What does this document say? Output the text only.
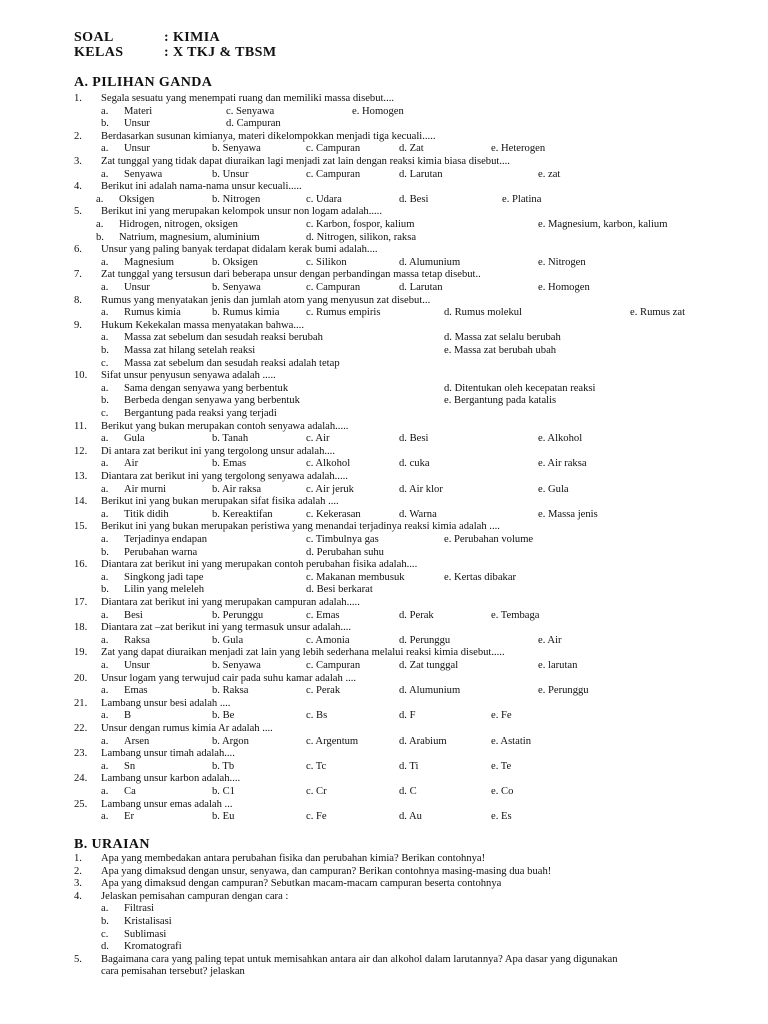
SOAL	: KIMIA
KELAS	: X TKJ & TBSM
A. PILIHAN GANDA
1. Segala sesuatu yang menempati ruang dan memiliki massa disebut....
a. Materi	c. Senyawa	e. Homogen
b. Unsur	d. Campuran
2. Berdasarkan susunan kimianya, materi dikelompokkan menjadi tiga kecuali.....
a. Unsur	b. Senyawa	c. Campuran	d. Zat	e. Heterogen
3. Zat tunggal yang tidak dapat diuraikan lagi menjadi zat lain dengan reaksi kimia biasa disebut....
a. Senyawa	b. Unsur	c. Campuran	d. Larutan	e. zat
4. Berikut ini adalah nama-nama unsur kecuali.....
a. Oksigen	b. Nitrogen	c. Udara	d. Besi	e. Platina
5. Berikut ini yang merupakan kelompok unsur non logam adalah.....
a. Hidrogen, nitrogen, oksigen	c. Karbon, fospor, kalium	e. Magnesium, karbon, kalium
b. Natrium, magnesium, aluminium	d. Nitrogen, silikon, raksa
6. Unsur yang paling banyak terdapat didalam kerak bumi adalah....
a. Magnesium	b. Oksigen	c. Silikon	d. Alumunium	e. Nitrogen
7. Zat tunggal yang tersusun dari beberapa unsur dengan perbandingan massa tetap disebut..
a. Unsur	b. Senyawa	c. Campuran	d. Larutan	e. Homogen
8. Rumus yang menyatakan jenis dan jumlah atom yang menyusun zat disebut...
a. Rumus kimia	b. Rumus kimia	c. Rumus empiris	d. Rumus molekul	e. Rumus zat
9. Hukum Kekekalan massa menyatakan bahwa....
a. Massa zat sebelum dan sesudah reaksi berubah	d. Massa zat selalu berubah
b. Massa zat hilang setelah reaksi	e. Massa zat berubah ubah
c. Massa zat sebelum dan sesudah reaksi adalah tetap
10. Sifat unsur penyusun senyawa adalah .....
a. Sama dengan senyawa yang berbentuk	d. Ditentukan oleh kecepatan reaksi
b. Berbeda dengan senyawa yang berbentuk	e. Bergantung pada katalis
c. Bergantung pada reaksi yang terjadi
11. Berikut yang bukan merupakan contoh senyawa adalah.....
a. Gula	b. Tanah	c. Air	d. Besi	e. Alkohol
12. Di antara zat berikut ini yang tergolong unsur adalah....
a. Air	b. Emas	c. Alkohol	d. cuka	e. Air raksa
13. Diantara zat berikut ini yang tergolong senyawa adalah.....
a. Air murni	b. Air raksa	c. Air jeruk	d. Air klor	e. Gula
14. Berikut ini yang bukan merupakan sifat fisika adalah ....
a. Titik didih	b. Kereaktifan	c. Kekerasan	d. Warna	e. Massa jenis
15. Berikut ini yang bukan merupakan peristiwa yang menandai terjadinya reaksi kimia adalah ....
a. Terjadinya endapan	c. Timbulnya gas	e. Perubahan volume
b. Perubahan warna	d. Perubahan suhu
16. Diantara zat berikut ini yang merupakan contoh perubahan fisika adalah....
a. Singkong jadi tape	c. Makanan membusuk	e. Kertas dibakar
b. Lilin yang meleleh	d. Besi berkarat
17. Diantara zat berikut ini yang merupakan campuran adalah.....
a. Besi	b. Perunggu	c. Emas	d. Perak	e. Tembaga
18. Diantara zat –zat berikut ini yang termasuk unsur adalah....
a. Raksa	b. Gula	c. Amonia	d. Perunggu	e. Air
19. Zat yang dapat diuraikan menjadi zat lain yang lebih sederhana melalui reaksi kimia disebut.....
a. Unsur	b. Senyawa	c. Campuran	d. Zat tunggal	e. larutan
20. Unsur logam yang terwujud cair pada suhu kamar adalah ....
a. Emas	b. Raksa	c. Perak	d. Alumunium	e. Perunggu
21. Lambang unsur besi adalah ....
a. B	b. Be	c. Bs	d. F	e. Fe
22. Unsur dengan rumus kimia Ar adalah ....
a. Arsen	b. Argon	c. Argentum	d. Arabium	e. Astatin
23. Lambang unsur timah adalah....
a. Sn	b. Tb	c. Tc	d. Ti	e. Te
24. Lambang unsur karbon adalah....
a. Ca	b. C1	c. Cr	d. C	e. Co
25. Lambang unsur emas adalah ...
a. Er	b. Eu	c. Fe	d. Au	e. Es
B. URAIAN
1. Apa yang membedakan antara perubahan fisika dan perubahan kimia? Berikan contohnya!
2. Apa yang dimaksud dengan unsur, senyawa, dan campuran? Berikan contohnya masing-masing dua buah!
3. Apa yang dimaksud dengan campuran? Sebutkan macam-macam campuran beserta contohnya
4. Jelaskan pemisahan campuran dengan cara :
a. Filtrasi
b. Kristalisasi
c. Sublimasi
d. Kromatografi
5. Bagaimana cara yang paling tepat untuk memisahkan antara air dan alkohol dalam larutannya? Apa dasar yang digunakan
cara pemisahan tersebut? jelaskan
